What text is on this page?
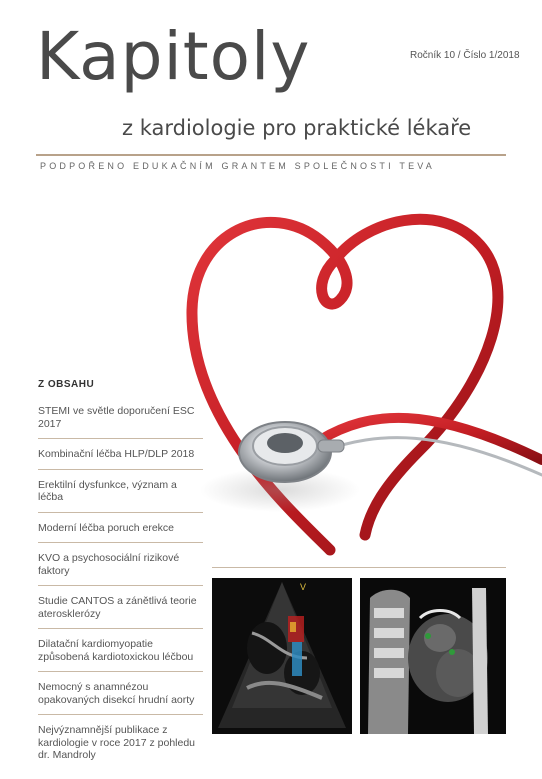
Kapitoly	Ročník 10 / Číslo 1/2018
z kardiologie pro praktické lékaře
PODPOŘENO EDUKAČNÍM GRANTEM SPOLEČNOSTI TEVA
Z OBSAHU
STEMI ve světle doporučení ESC 2017
Kombinační léčba HLP/DLP 2018
Erektilní dysfunkce, význam a léčba
Moderní léčba poruch erekce
KVO a psychosociální rizikové faktory
Studie CANTOS a zánětlivá teorie aterosklerózy
Dilatační kardiomyopatie způsobená kardiotoxickou léčbou
Nemocný s anamnézou opakovaných disekcí hrudní aorty
Nejvýznamnější publikace z kardiologie v roce 2017 z pohledu dr. Mandroly
V
